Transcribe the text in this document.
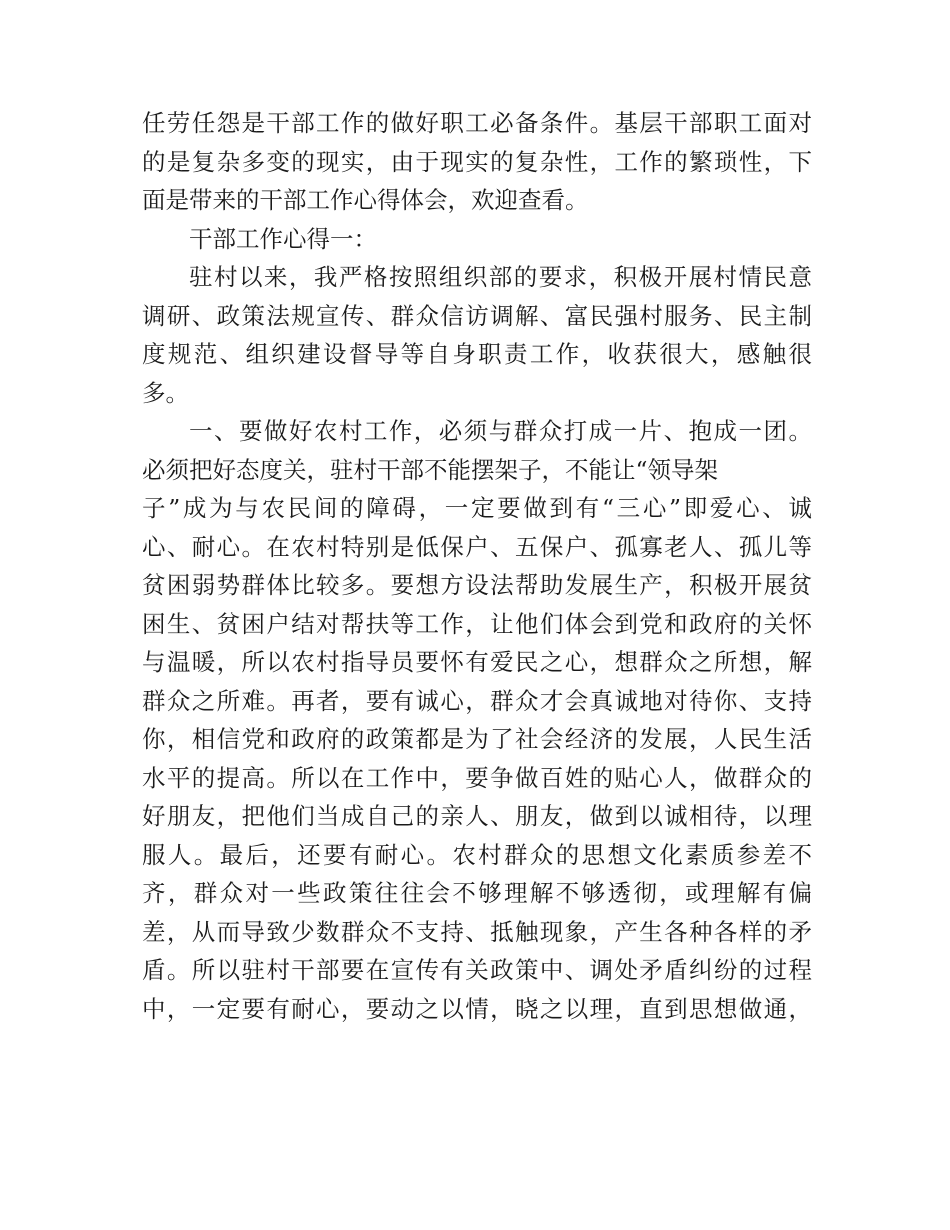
任劳任怨是干部工作的做好职工必备条件。基层干部职工面对
的是复杂多变的现实，由于现实的复杂性，工作的繁琐性，下
面是带来的干部工作心得体会，欢迎查看。
干部工作心得一：
驻村以来，我严格按照组织部的要求，积极开展村情民意
调研、政策法规宣传、群众信访调解、富民强村服务、民主制
度规范、组织建设督导等自身职责工作，收获很大，感触很
多。
一、要做好农村工作，必须与群众打成一片、抱成一团。
必须把好态度关，驻村干部不能摆架子，不能让“领导架
子”成为与农民间的障碍，一定要做到有“三心”即爱心、诚
心、耐心。在农村特别是低保户、五保户、孤寡老人、孤儿等
贫困弱势群体比较多。要想方设法帮助发展生产，积极开展贫
困生、贫困户结对帮扶等工作，让他们体会到党和政府的关怀
与温暖，所以农村指导员要怀有爱民之心，想群众之所想，解
群众之所难。再者，要有诚心，群众才会真诚地对待你、支持
你，相信党和政府的政策都是为了社会经济的发展，人民生活
水平的提高。所以在工作中，要争做百姓的贴心人，做群众的
好朋友，把他们当成自己的亲人、朋友，做到以诚相待，以理
服人。最后，还要有耐心。农村群众的思想文化素质参差不
齐，群众对一些政策往往会不够理解不够透彻，或理解有偏
差，从而导致少数群众不支持、抵触现象，产生各种各样的矛
盾。所以驻村干部要在宣传有关政策中、调处矛盾纠纷的过程
中，一定要有耐心，要动之以情，晓之以理，直到思想做通，
